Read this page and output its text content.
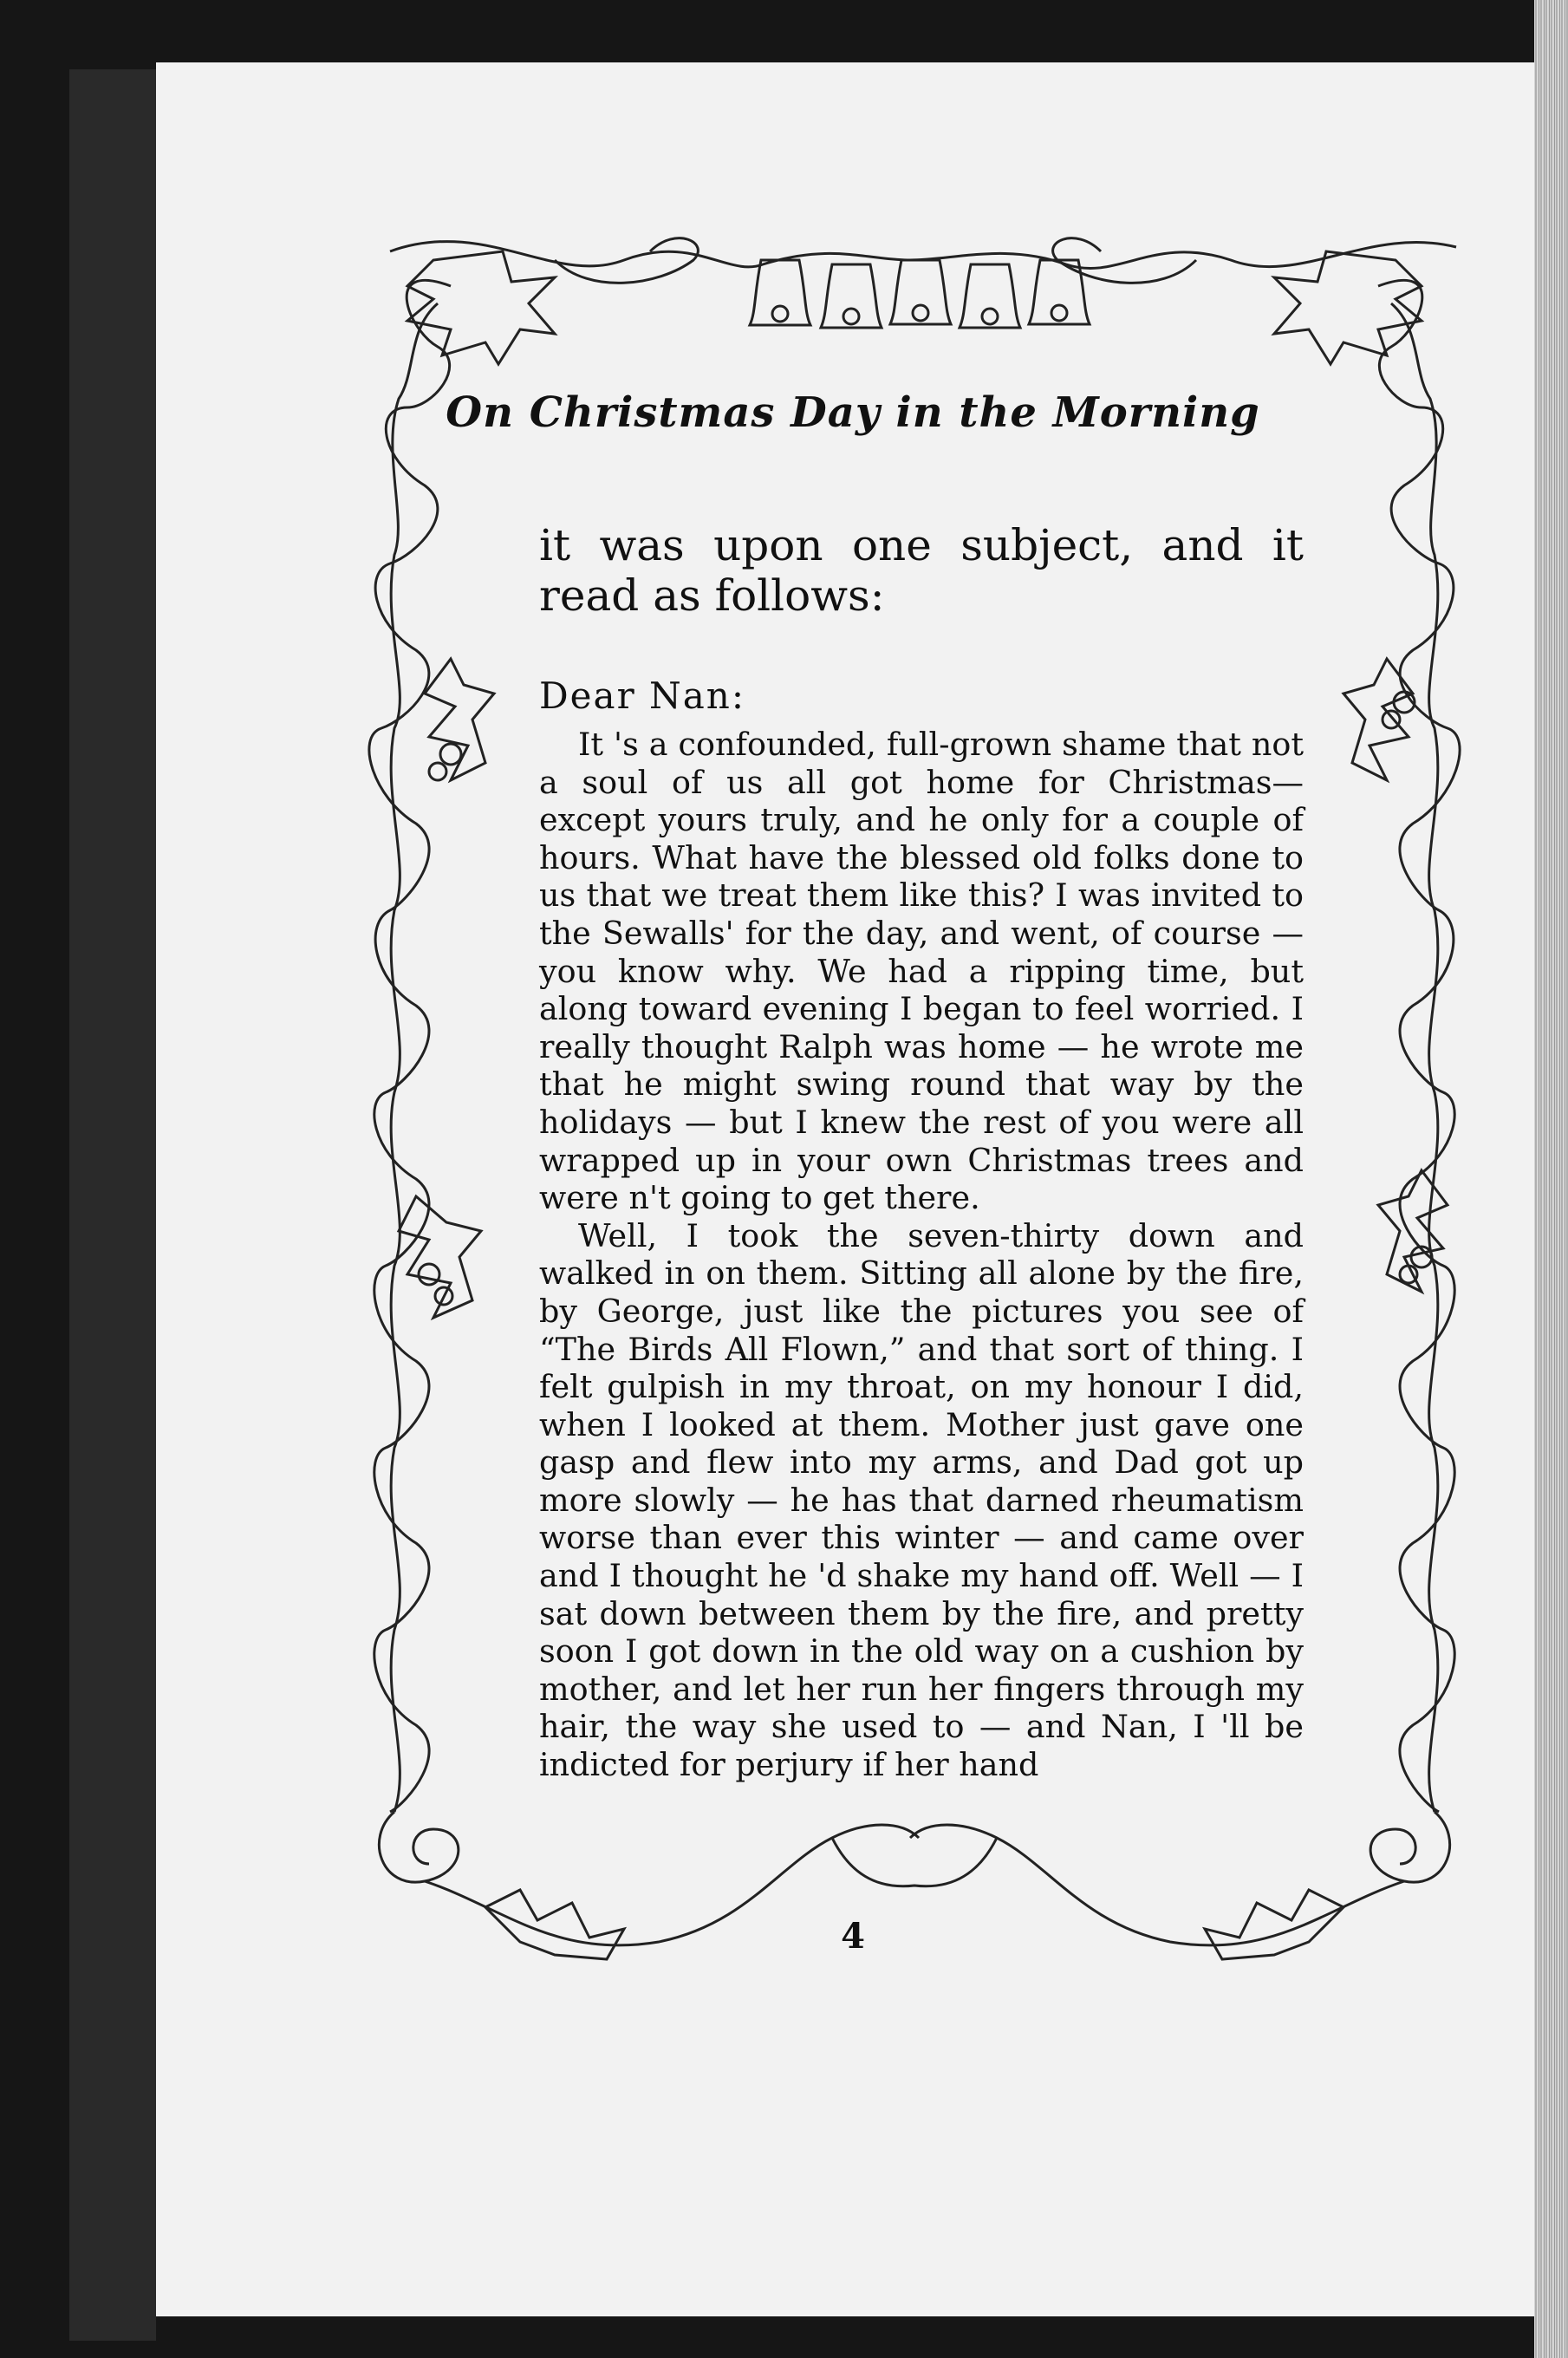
On Christmas Day in the Morning

it was upon one subject, and it read as follows:

Dear Nan:

It 's a confounded, full-grown shame that not a soul of us all got home for Christmas— except yours truly, and he only for a couple of hours. What have the blessed old folks done to us that we treat them like this? I was invited to the Sewalls' for the day, and went, of course — you know why. We had a ripping time, but along toward evening I began to feel worried. I really thought Ralph was home — he wrote me that he might swing round that way by the holidays — but I knew the rest of you were all wrapped up in your own Christmas trees and were n't going to get there.

Well, I took the seven-thirty down and walked in on them. Sitting all alone by the fire, by George, just like the pictures you see of “The Birds All Flown,” and that sort of thing. I felt gulpish in my throat, on my honour I did, when I looked at them. Mother just gave one gasp and flew into my arms, and Dad got up more slowly — he has that darned rheumatism worse than ever this winter — and came over and I thought he 'd shake my hand off. Well — I sat down between them by the fire, and pretty soon I got down in the old way on a cushion by mother, and let her run her fingers through my hair, the way she used to — and Nan, I 'll be indicted for perjury if her hand

4
